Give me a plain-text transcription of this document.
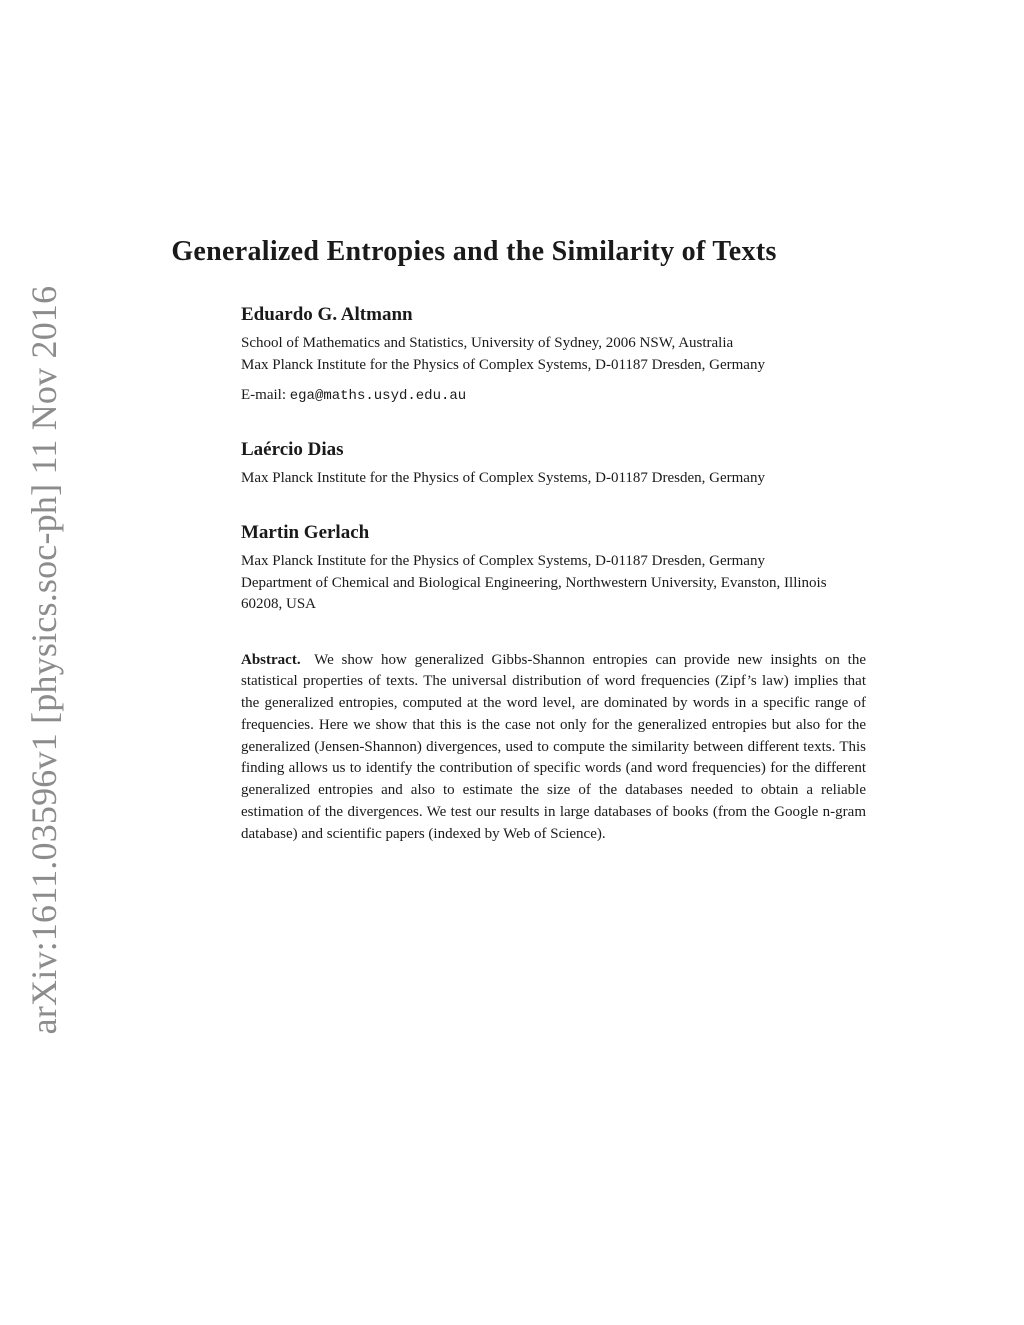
arXiv:1611.03596v1 [physics.soc-ph] 11 Nov 2016
Generalized Entropies and the Similarity of Texts
Eduardo G. Altmann

School of Mathematics and Statistics, University of Sydney, 2006 NSW, Australia

Max Planck Institute for the Physics of Complex Systems, D-01187 Dresden, Germany

E-mail: ega@maths.usyd.edu.au
Laércio Dias

Max Planck Institute for the Physics of Complex Systems, D-01187 Dresden, Germany

Martin Gerlach

Max Planck Institute for the Physics of Complex Systems, D-01187 Dresden, Germany

Department of Chemical and Biological Engineering, Northwestern University, Evanston, Illinois 60208, USA

Abstract. We show how generalized Gibbs-Shannon entropies can provide new insights on the statistical properties of texts. The universal distribution of word frequencies (Zipf’s law) implies that the generalized entropies, computed at the word level, are dominated by words in a specific range of frequencies. Here we show that this is the case not only for the generalized entropies but also for the generalized (Jensen-Shannon) divergences, used to compute the similarity between different texts. This finding allows us to identify the contribution of specific words (and word frequencies) for the different generalized entropies and also to estimate the size of the databases needed to obtain a reliable estimation of the divergences. We test our results in large databases of books (from the Google n-gram database) and scientific papers (indexed by Web of Science).
